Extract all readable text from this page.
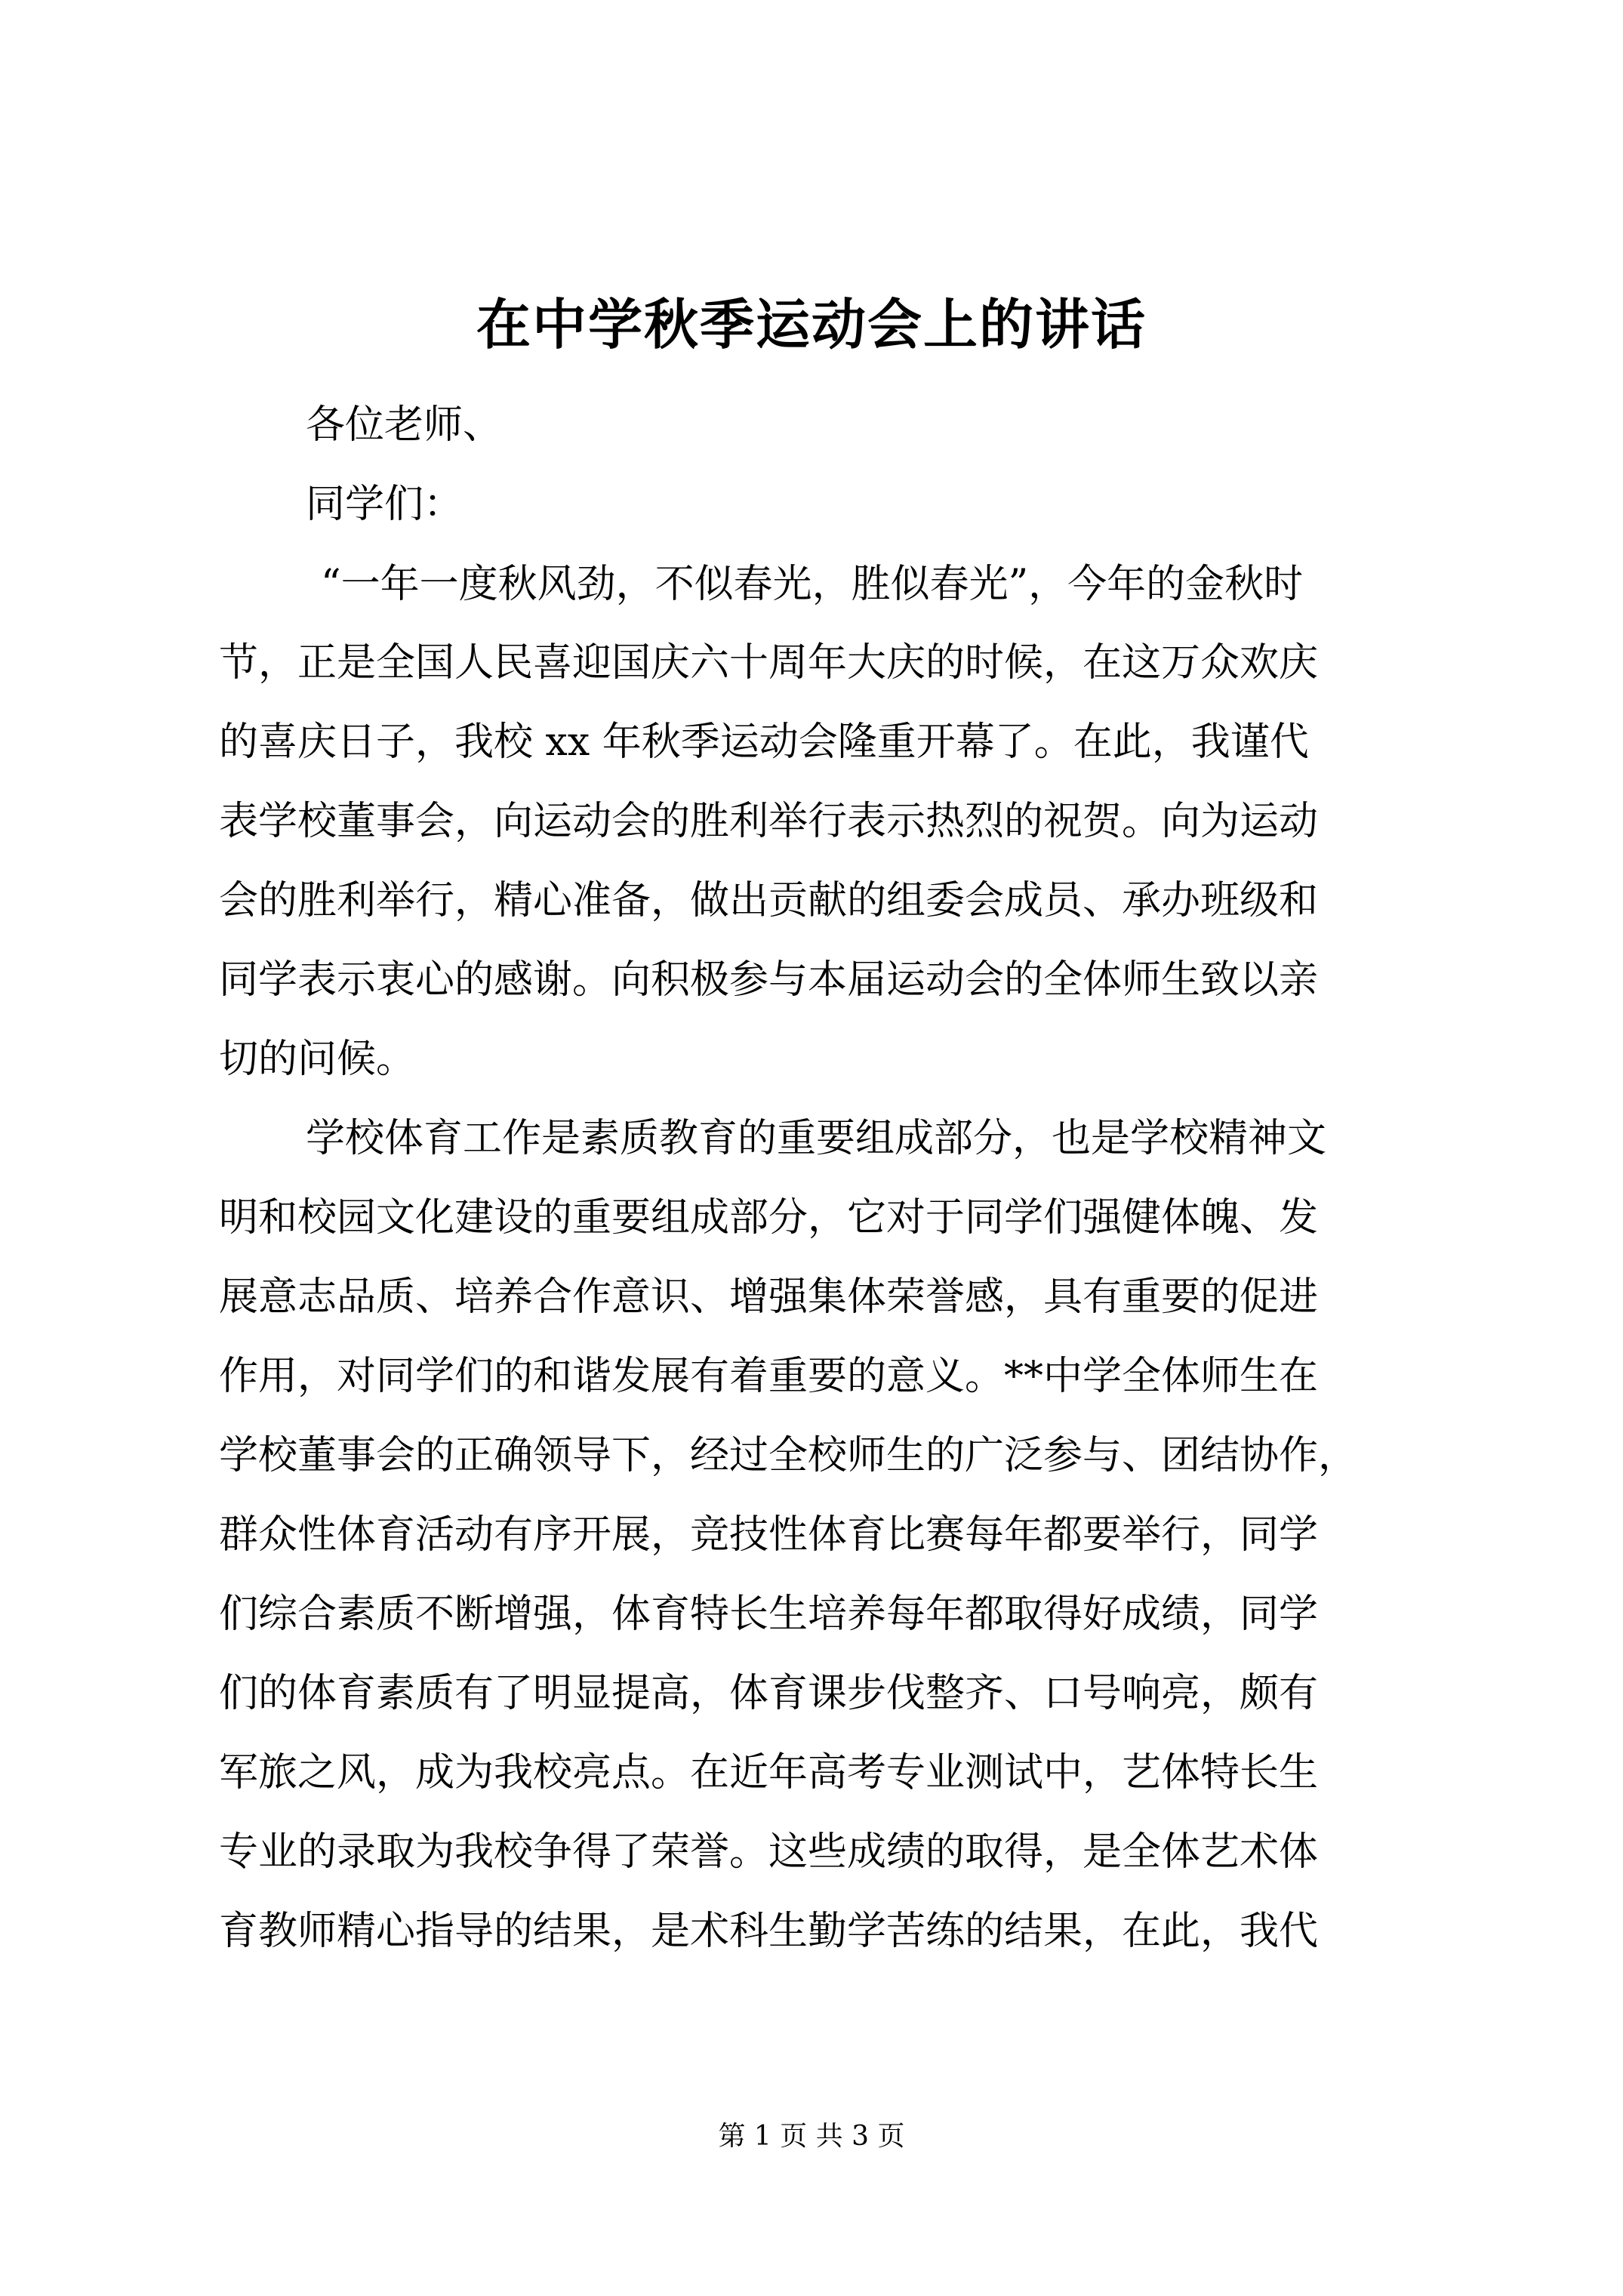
在中学秋季运动会上的讲话

各位老师、

同学们：

“一年一度秋风劲，不似春光，胜似春光”，今年的金秋时

节，正是全国人民喜迎国庆六十周年大庆的时候，在这万众欢庆

的喜庆日子，我校 xx 年秋季运动会隆重开幕了。在此，我谨代

表学校董事会，向运动会的胜利举行表示热烈的祝贺。向为运动

会的胜利举行，精心准备，做出贡献的组委会成员、承办班级和

同学表示衷心的感谢。向积极参与本届运动会的全体师生致以亲

切的问候。

学校体育工作是素质教育的重要组成部分，也是学校精神文

明和校园文化建设的重要组成部分，它对于同学们强健体魄、发

展意志品质、培养合作意识、增强集体荣誉感，具有重要的促进

作用，对同学们的和谐发展有着重要的意义。**中学全体师生在

学校董事会的正确领导下，经过全校师生的广泛参与、团结协作，

群众性体育活动有序开展，竞技性体育比赛每年都要举行，同学

们综合素质不断增强，体育特长生培养每年都取得好成绩，同学

们的体育素质有了明显提高，体育课步伐整齐、口号响亮，颇有

军旅之风，成为我校亮点。在近年高考专业测试中，艺体特长生

专业的录取为我校争得了荣誉。这些成绩的取得，是全体艺术体

育教师精心指导的结果，是术科生勤学苦练的结果，在此，我代

第 1 页 共 3 页
